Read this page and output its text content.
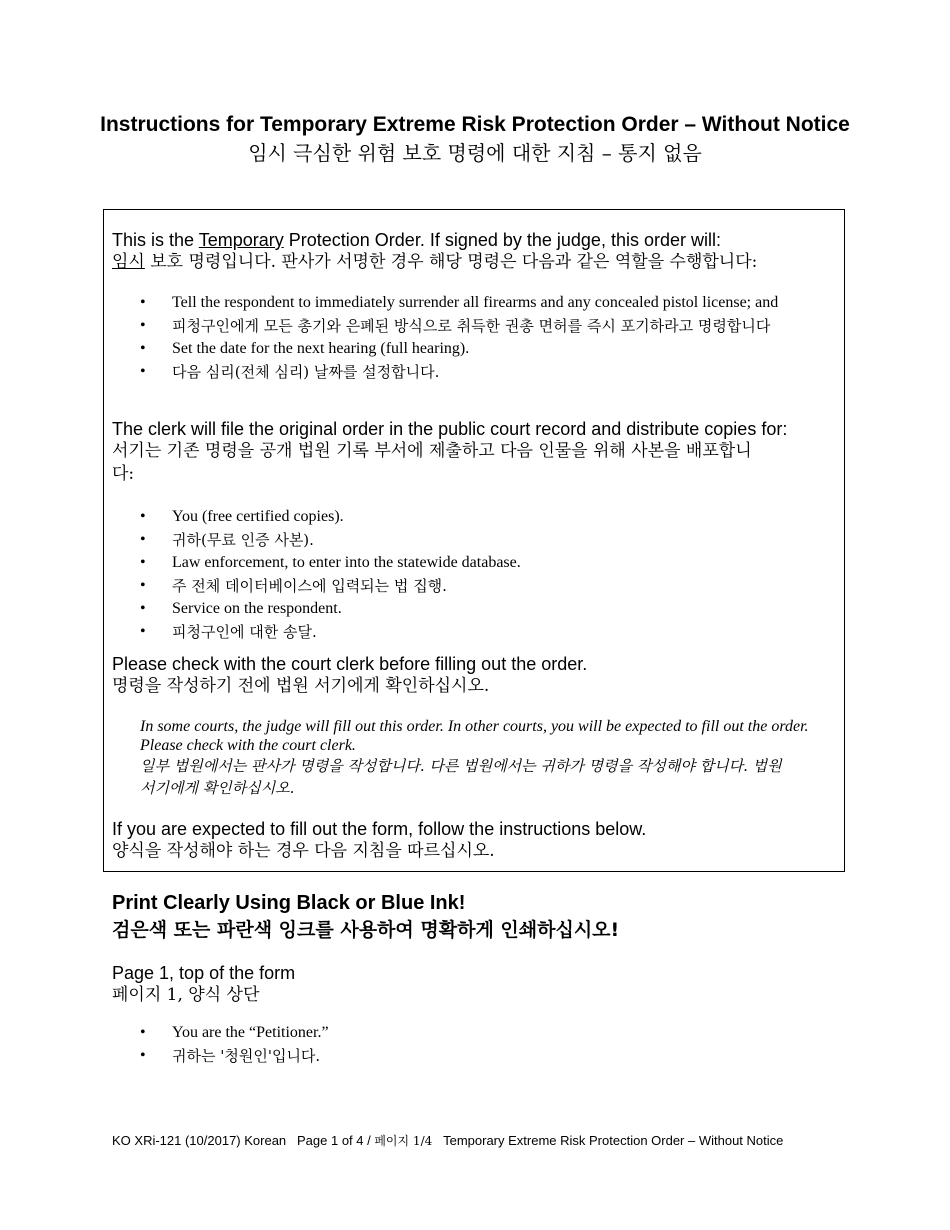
Instructions for Temporary Extreme Risk Protection Order – Without Notice
임시 극심한 위험 보호 명령에 대한 지침 – 통지 없음
This is the Temporary Protection Order. If signed by the judge, this order will:
임시 보호 명령입니다. 판사가 서명한 경우 해당 명령은 다음과 같은 역할을 수행합니다:
• Tell the respondent to immediately surrender all firearms and any concealed pistol license; and
• 피청구인에게 모든 총기와 은폐된 방식으로 취득한 권총 면허를 즉시 포기하라고 명령합니다
• Set the date for the next hearing (full hearing).
• 다음 심리(전체 심리) 날짜를 설정합니다.
The clerk will file the original order in the public court record and distribute copies for:
서기는 기존 명령을 공개 법원 기록 부서에 제출하고 다음 인물을 위해 사본을 배포합니다:
• You (free certified copies).
• 귀하(무료 인증 사본).
• Law enforcement, to enter into the statewide database.
• 주 전체 데이터베이스에 입력되는 법 집행.
• Service on the respondent.
• 피청구인에 대한 송달.
Please check with the court clerk before filling out the order.
명령을 작성하기 전에 법원 서기에게 확인하십시오.
In some courts, the judge will fill out this order. In other courts, you will be expected to fill out the order. Please check with the court clerk.
일부 법원에서는 판사가 명령을 작성합니다. 다른 법원에서는 귀하가 명령을 작성해야 합니다. 법원 서기에게 확인하십시오.
If you are expected to fill out the form, follow the instructions below.
양식을 작성해야 하는 경우 다음 지침을 따르십시오.
Print Clearly Using Black or Blue Ink!
검은색 또는 파란색 잉크를 사용하여 명확하게 인쇄하십시오!
Page 1, top of the form
페이지 1, 양식 상단
• You are the “Petitioner.”
• 귀하는 '청원인'입니다.
KO XRi-121 (10/2017) Korean Page 1 of 4 / 페이지 1/4 Temporary Extreme Risk Protection Order – Without Notice
